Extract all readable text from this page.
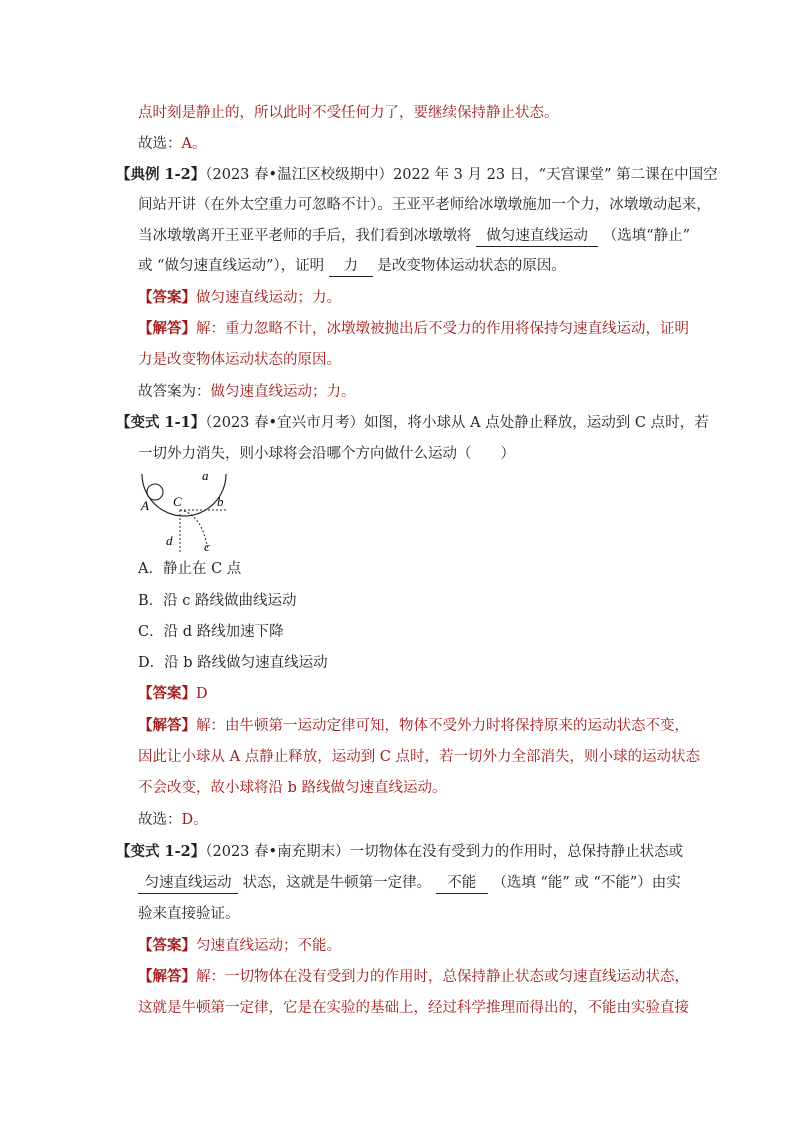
点时刻是静止的，所以此时不受任何力了，要继续保持静止状态。
故选：A。
【典例 1-2】（2023 春•温江区校级期中）2022 年 3 月 23 日，“天宫课堂” 第二课在中国空
间站开讲（在外太空重力可忽略不计）。王亚平老师给冰墩墩施加一个力，冰墩墩动起来，
当冰墩墩离开王亚平老师的手后，我们看到冰墩墩将 做匀速直线运动 （选填“静止”
或 “做匀速直线运动”），证明 力 是改变物体运动状态的原因。
【答案】做匀速直线运动；力。
【解答】解：重力忽略不计，冰墩墩被抛出后不受力的作用将保持匀速直线运动，证明
力是改变物体运动状态的原因。
故答案为：做匀速直线运动；力。
【变式 1-1】（2023 春•宜兴市月考）如图，将小球从 A 点处静止释放，运动到 C 点时，若
一切外力消失，则小球将会沿哪个方向做什么运动（　　）
a
A C	b
d c
A．静止在 C 点
B．沿 c 路线做曲线运动
C．沿 d 路线加速下降
D．沿 b 路线做匀速直线运动
【答案】D
【解答】解：由牛顿第一运动定律可知，物体不受外力时将保持原来的运动状态不变，
因此让小球从 A 点静止释放，运动到 C 点时，若一切外力全部消失，则小球的运动状态
不会改变，故小球将沿 b 路线做匀速直线运动。
故选：D。
【变式 1-2】（2023 春•南充期末）一切物体在没有受到力的作用时，总保持静止状态或
匀速直线运动 状态，这就是牛顿第一定律。 不能 （选填 “能” 或 “不能”）由实
验来直接验证。
【答案】匀速直线运动；不能。
【解答】解：一切物体在没有受到力的作用时，总保持静止状态或匀速直线运动状态，
这就是牛顿第一定律，它是在实验的基础上，经过科学推理而得出的，不能由实验直接
